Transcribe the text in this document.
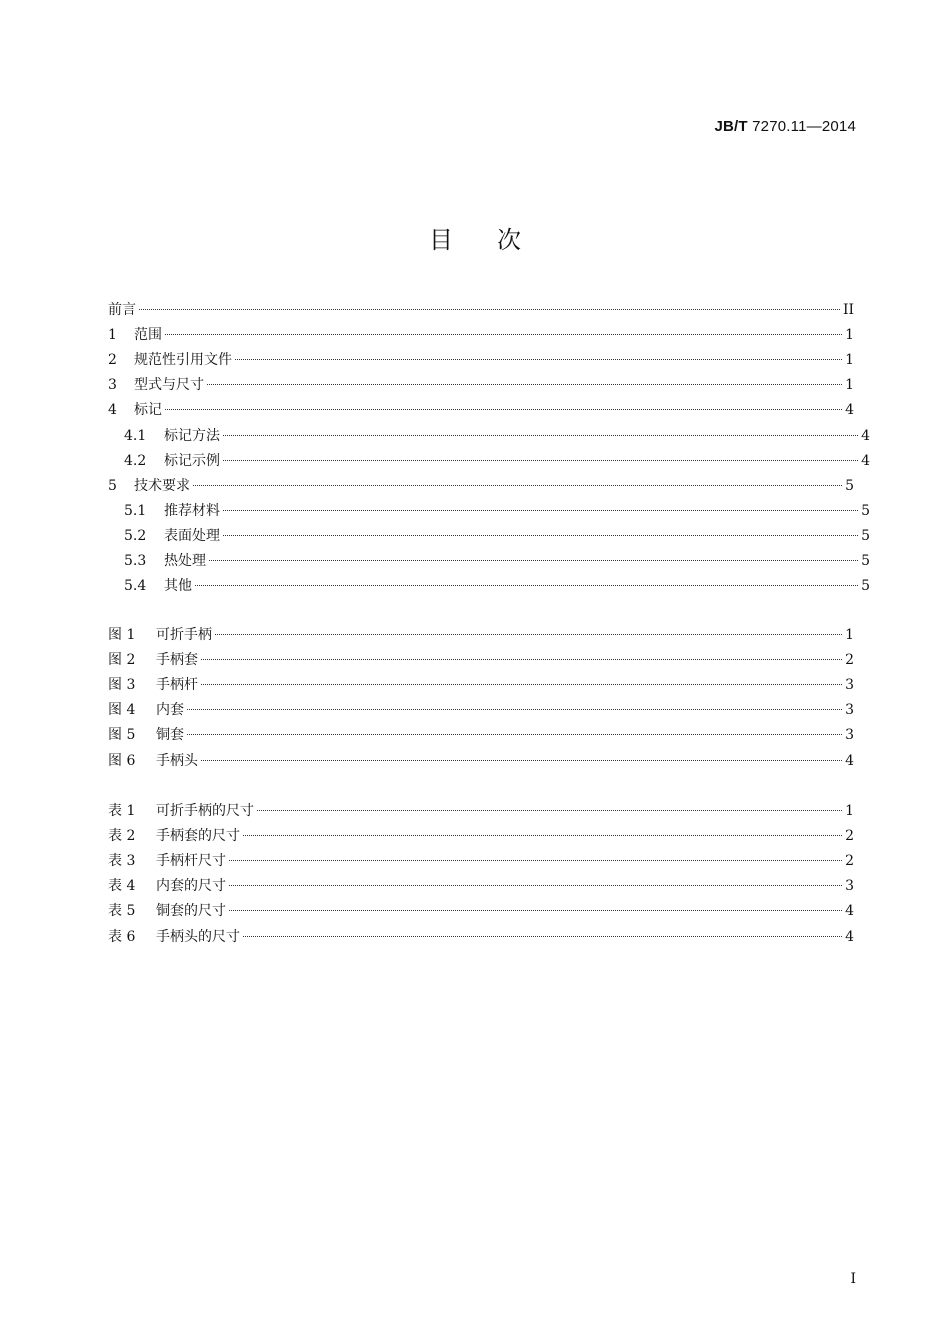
JB/T 7270.11—2014
目次
前言	II
1	范围	1
2	规范性引用文件	1
3	型式与尺寸	1
4	标记	4
4.1	标记方法	4
4.2	标记示例	4
5	技术要求	5
5.1	推荐材料	5
5.2	表面处理	5
5.3	热处理	5
5.4	其他	5
图 1	可折手柄	1
图 2	手柄套	2
图 3	手柄杆	3
图 4	内套	3
图 5	铜套	3
图 6	手柄头	4
表 1	可折手柄的尺寸	1
表 2	手柄套的尺寸	2
表 3	手柄杆尺寸	2
表 4	内套的尺寸	3
表 5	铜套的尺寸	4
表 6	手柄头的尺寸	4
I
